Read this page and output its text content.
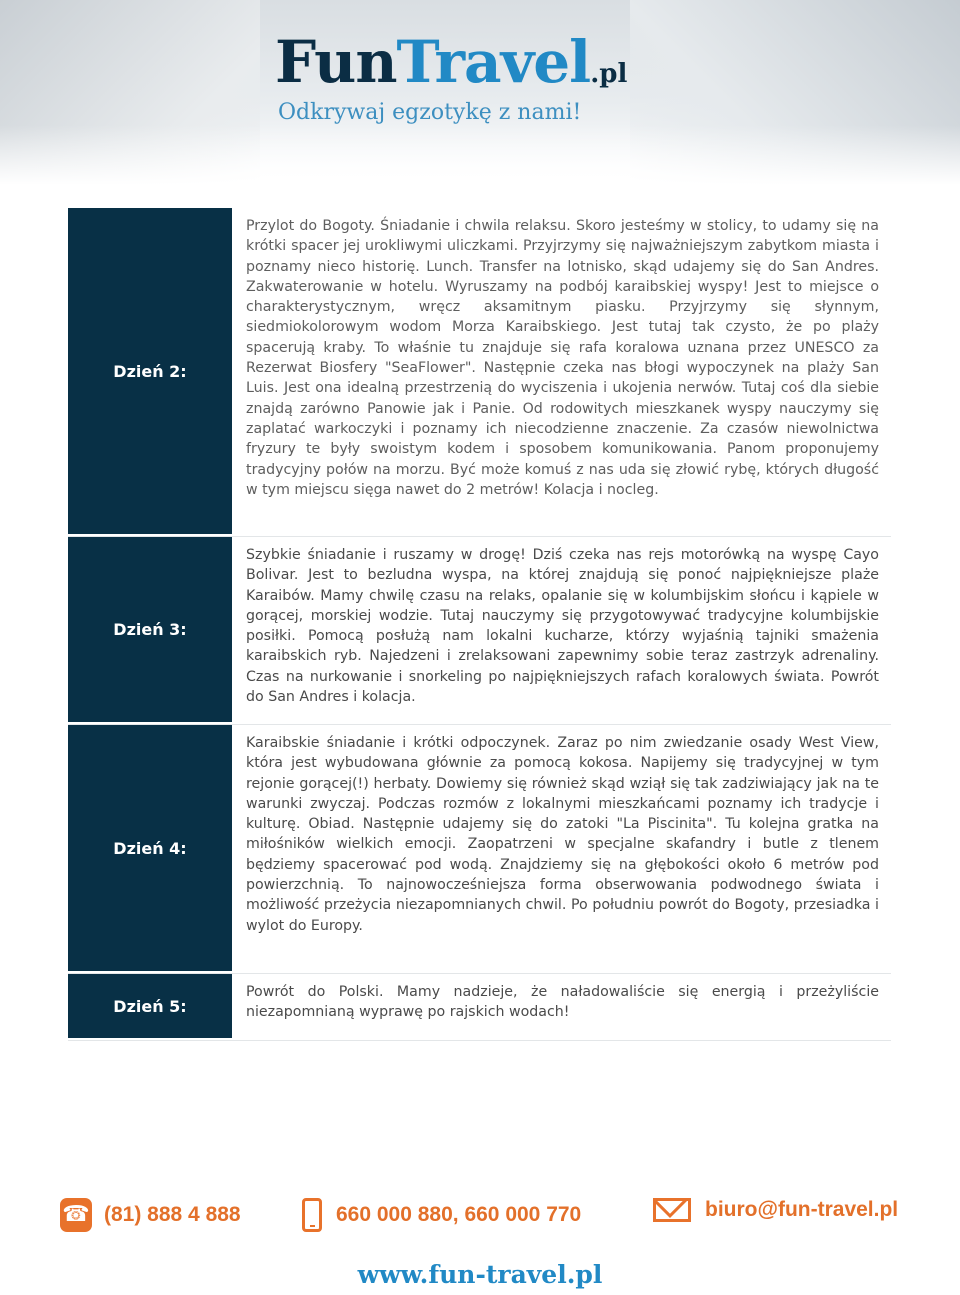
FunTravel.pl
Odkrywaj egzotykę z nami!
Dzień 2:
Przylot do Bogoty. Śniadanie i chwila relaksu. Skoro jesteśmy w stolicy, to udamy się na krótki spacer jej urokliwymi uliczkami. Przyjrzymy się najważniejszym zabytkom miasta i poznamy nieco historię. Lunch. Transfer na lotnisko, skąd udajemy się do San Andres. Zakwaterowanie w hotelu. Wyruszamy na podbój karaibskiej wyspy! Jest to miejsce o charakterystycznym, wręcz aksamitnym piasku. Przyjrzymy się słynnym, siedmiokolorowym wodom Morza Karaibskiego. Jest tutaj tak czysto, że po plaży spacerują kraby. To właśnie tu znajduje się rafa koralowa uznana przez UNESCO za Rezerwat Biosfery "SeaFlower". Następnie czeka nas błogi wypoczynek na plaży San Luis. Jest ona idealną przestrzenią do wyciszenia i ukojenia nerwów. Tutaj coś dla siebie znajdą zarówno Panowie jak i Panie. Od rodowitych mieszkanek wyspy nauczymy się zaplatać warkoczyki i poznamy ich niecodzienne znaczenie. Za czasów niewolnictwa fryzury te były swoistym kodem i sposobem komunikowania. Panom proponujemy tradycyjny połów na morzu. Być może komuś z nas uda się złowić rybę, których długość w tym miejscu sięga nawet do 2 metrów! Kolacja i nocleg.
Dzień 3:
Szybkie śniadanie i ruszamy w drogę! Dziś czeka nas rejs motorówką na wyspę Cayo Bolivar. Jest to bezludna wyspa, na której znajdują się ponoć najpiękniejsze plaże Karaibów. Mamy chwilę czasu na relaks, opalanie się w kolumbijskim słońcu i kąpiele w gorącej, morskiej wodzie. Tutaj nauczymy się przygotowywać tradycyjne kolumbijskie posiłki. Pomocą posłużą nam lokalni kucharze, którzy wyjaśnią tajniki smażenia karaibskich ryb. Najedzeni i zrelaksowani zapewnimy sobie teraz zastrzyk adrenaliny. Czas na nurkowanie i snorkeling po najpiękniejszych rafach koralowych świata. Powrót do San Andres i kolacja.
Dzień 4:
Karaibskie śniadanie i krótki odpoczynek. Zaraz po nim zwiedzanie osady West View, która jest wybudowana głównie za pomocą kokosa. Napijemy się tradycyjnej w tym rejonie gorącej(!) herbaty. Dowiemy się również skąd wziął się tak zadziwiający jak na te warunki zwyczaj. Podczas rozmów z lokalnymi mieszkańcami poznamy ich tradycje i kulturę. Obiad. Następnie udajemy się do zatoki "La Piscinita". Tu kolejna gratka na miłośników wielkich emocji. Zaopatrzeni w specjalne skafandry i butle z tlenem będziemy spacerować pod wodą. Znajdziemy się na głębokości około 6 metrów pod powierzchnią. To najnowocześniejsza forma obserwowania podwodnego świata i możliwość przeżycia niezapomnianych chwil. Po południu powrót do Bogoty, przesiadka i wylot do Europy.
Dzień 5:
Powrót do Polski. Mamy nadzieje, że naładowaliście się energią i przeżyliście niezapomnianą wyprawę po rajskich wodach!
☎
(81) 888 4 888	660 000 880, 660 000 770	biuro@fun-travel.pl
www.fun-travel.pl
